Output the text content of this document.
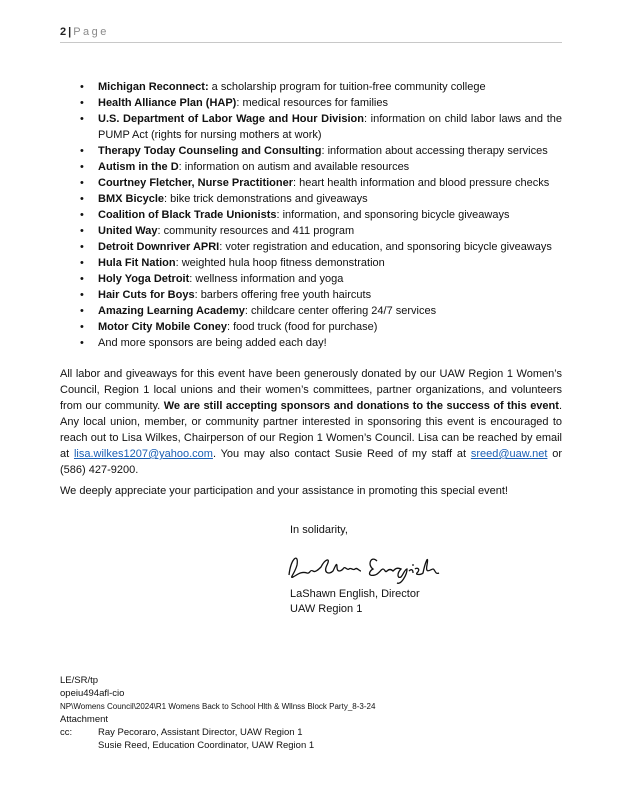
2 | Page
• Michigan Reconnect: a scholarship program for tuition-free community college
• Health Alliance Plan (HAP): medical resources for families
• U.S. Department of Labor Wage and Hour Division: information on child labor laws and the PUMP Act (rights for nursing mothers at work)
• Therapy Today Counseling and Consulting: information about accessing therapy services
• Autism in the D: information on autism and available resources
• Courtney Fletcher, Nurse Practitioner: heart health information and blood pressure checks
• BMX Bicycle: bike trick demonstrations and giveaways
• Coalition of Black Trade Unionists: information, and sponsoring bicycle giveaways
• United Way: community resources and 411 program
• Detroit Downriver APRI: voter registration and education, and sponsoring bicycle giveaways
• Hula Fit Nation: weighted hula hoop fitness demonstration
• Holy Yoga Detroit: wellness information and yoga
• Hair Cuts for Boys: barbers offering free youth haircuts
• Amazing Learning Academy: childcare center offering 24/7 services
• Motor City Mobile Coney: food truck (food for purchase)
• And more sponsors are being added each day!

All labor and giveaways for this event have been generously donated by our UAW Region 1 Women’s Council, Region 1 local unions and their women’s committees, partner organizations, and volunteers from our community. We are still accepting sponsors and donations to the success of this event. Any local union, member, or community partner interested in sponsoring this event is encouraged to reach out to Lisa Wilkes, Chairperson of our Region 1 Women’s Council. Lisa can be reached by email at lisa.wilkes1207@yahoo.com. You may also contact Susie Reed of my staff at sreed@uaw.net or (586) 427-9200.

We deeply appreciate your participation and your assistance in promoting this special event!

In solidarity,
LaShawn English, Director
UAW Region 1
LE/SR/tp
opeiu494afl-cio
NP\Womens Council\2024\R1 Womens Back to School Hlth & Wllnss Block Party_8-3-24
Attachment
cc:	Ray Pecoraro, Assistant Director, UAW Region 1
Susie Reed, Education Coordinator, UAW Region 1
